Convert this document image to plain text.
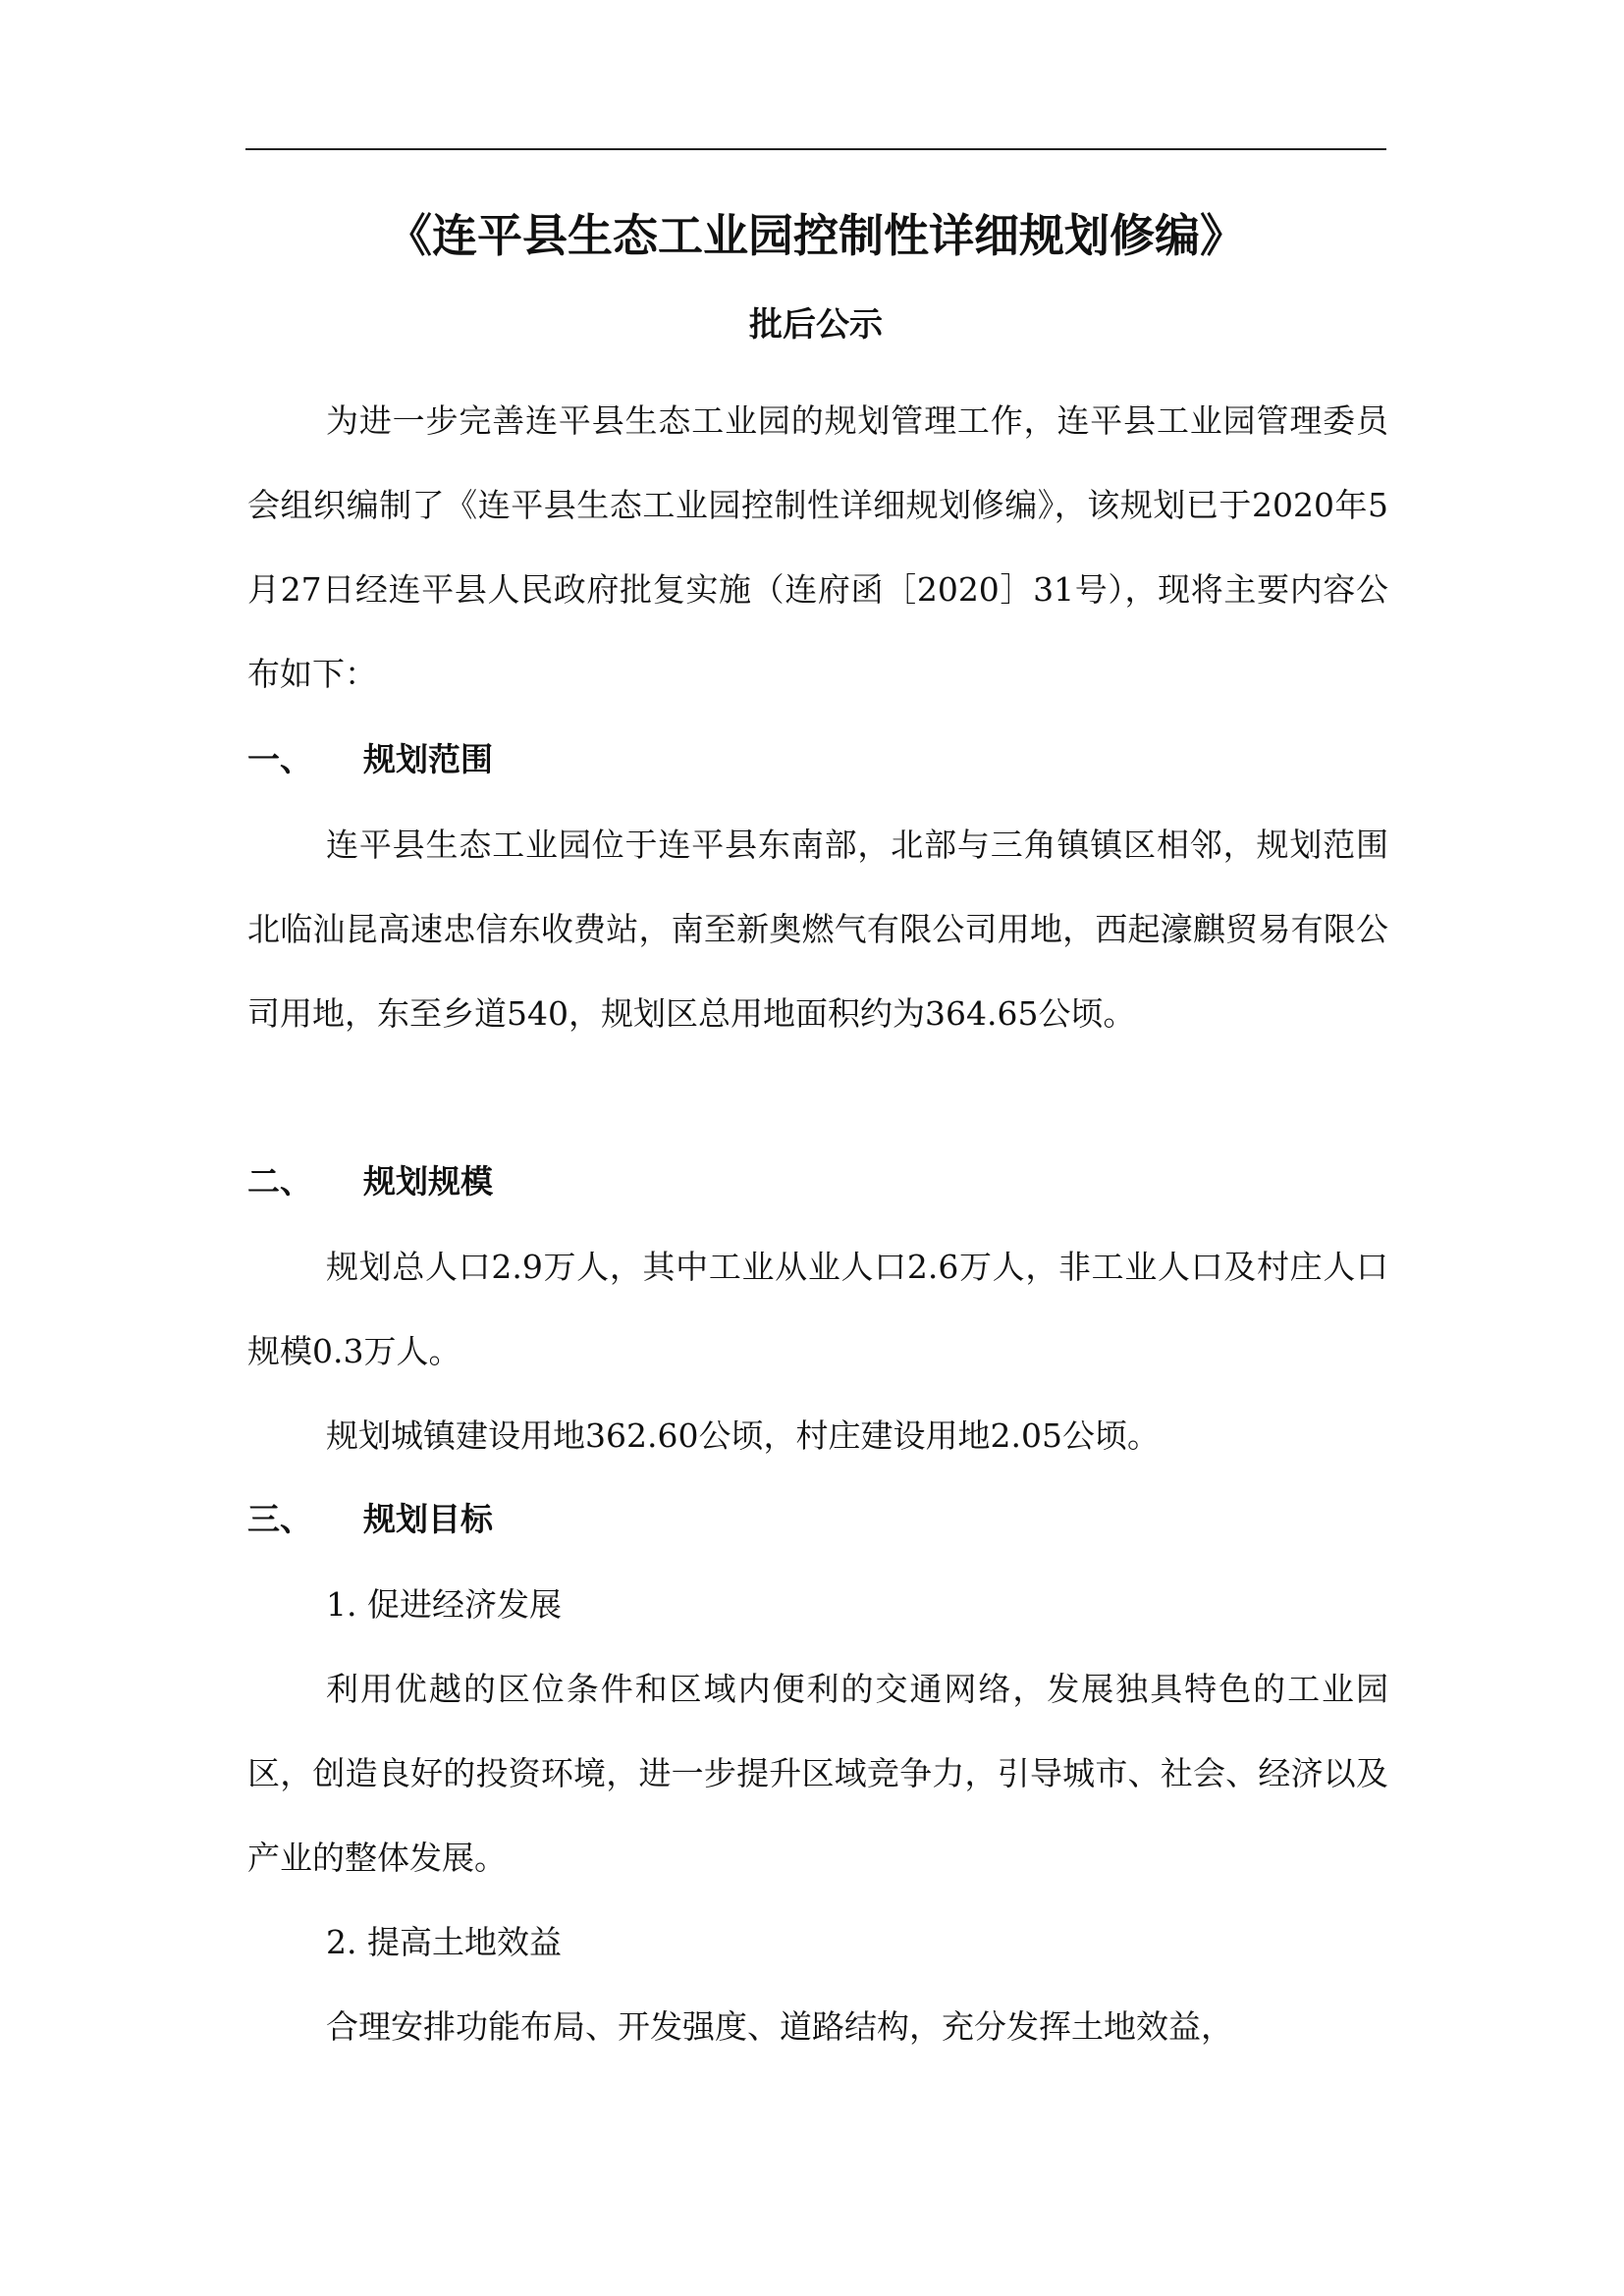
《连平县生态工业园控制性详细规划修编》
批后公示

为进一步完善连平县生态工业园的规划管理工作，连平县工业园管理委员会组织编制了《连平县生态工业园控制性详细规划修编》，该规划已于2020年5月27日经连平县人民政府批复实施（连府函［2020］31号），现将主要内容公布如下：

一、 规划范围

连平县生态工业园位于连平县东南部，北部与三角镇镇区相邻，规划范围北临汕昆高速忠信东收费站，南至新奥燃气有限公司用地，西起濠麒贸易有限公司用地，东至乡道540，规划区总用地面积约为364.65公顷。

二、 规划规模

规划总人口2.9万人，其中工业从业人口2.6万人，非工业人口及村庄人口规模0.3万人。

规划城镇建设用地362.60公顷，村庄建设用地2.05公顷。

三、 规划目标

1. 促进经济发展

利用优越的区位条件和区域内便利的交通网络，发展独具特色的工业园区，创造良好的投资环境，进一步提升区域竞争力，引导城市、社会、经济以及产业的整体发展。

2. 提高土地效益

合理安排功能布局、开发强度、道路结构，充分发挥土地效益，
